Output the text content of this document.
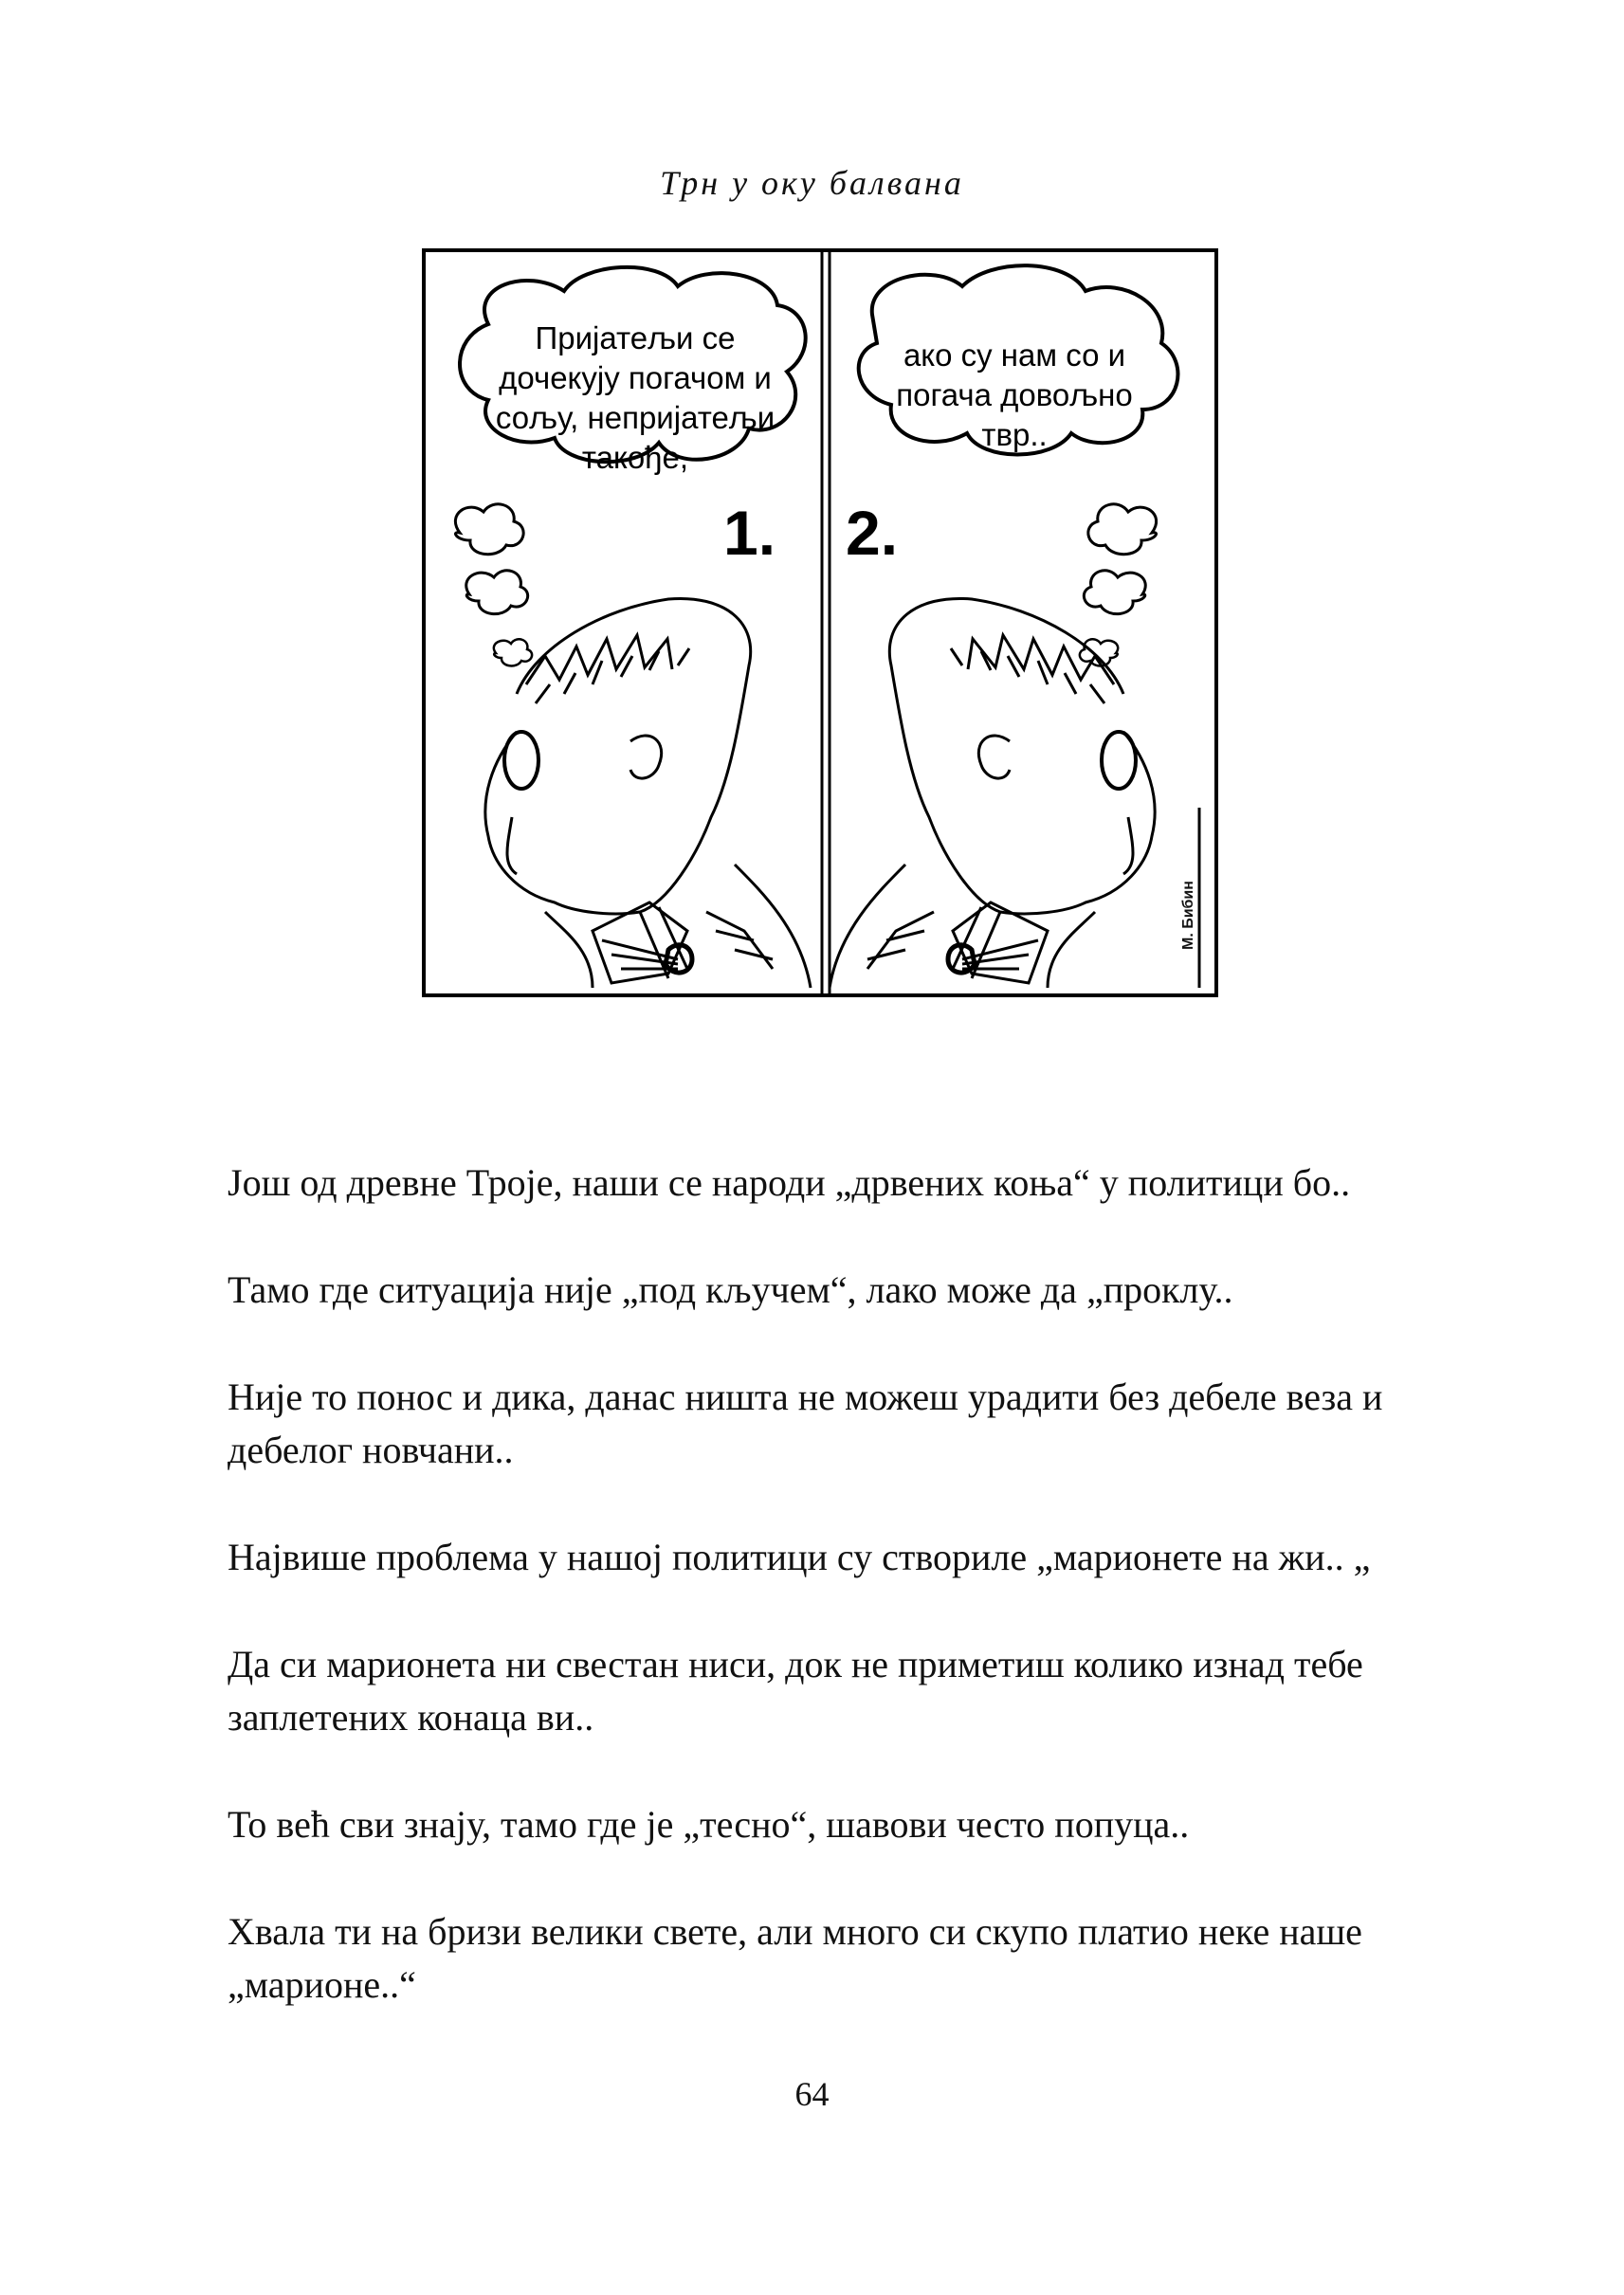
Трн у оку балвана
Пријатељи се дочекују погачом и сољу, непријатељи такође,
ако су нам со и погача довољно твр..
1. 2.
М. Бибин

Још од древне Троје, наши се народи „дрвених коња“ у политици бо..

Тамо где ситуација није „под кључем“, лако може да „проклу..

Није то понос и дика, данас ништа не можеш урадити без дебеле веза и дебелог новчани..

Највише проблема у нашој политици су створиле „марионете на жи.. „

Да си марионета ни свестан ниси, док не приметиш колико изнад тебе заплетених конаца ви..

То већ сви знају, тамо где је „тесно“, шавови често попуца..

Хвала ти на бризи велики свете, али много си скупо платио неке наше „марионе..“

64
